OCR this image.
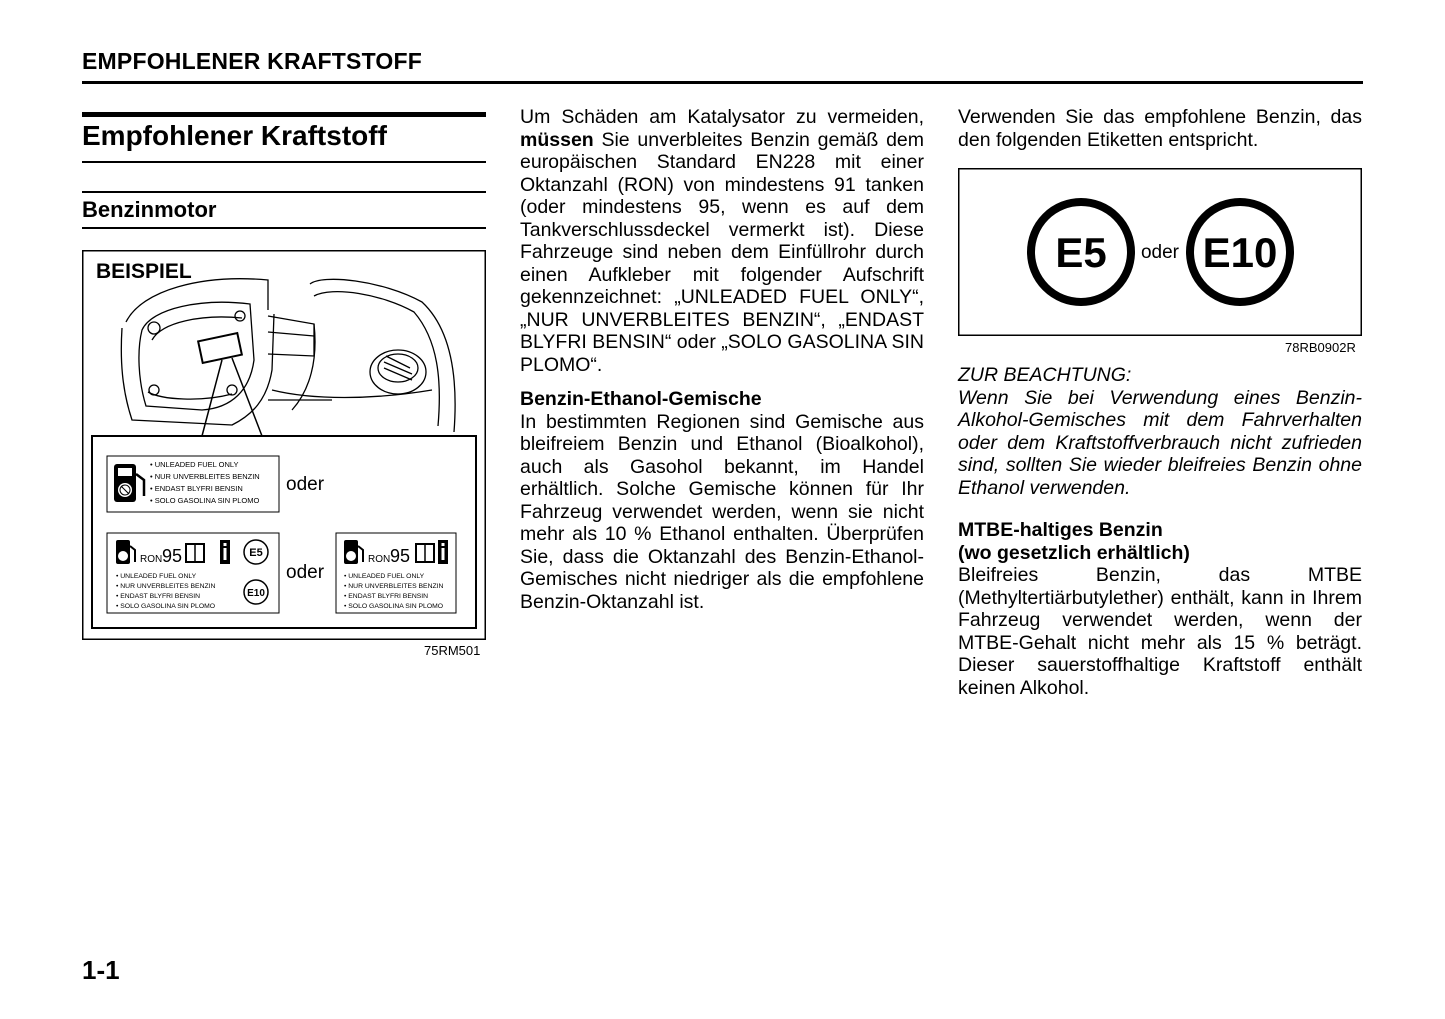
EMPFOHLENER KRAFTSTOFF
Empfohlener Kraftstoff
Benzinmotor
BEISPIEL
• UNLEADED FUEL ONLY
• NUR UNVERBLEITES BENZIN
• ENDAST BLYFRI BENSIN
• SOLO GASOLINA SIN PLOMO
oder
RON 95
• UNLEADED FUEL ONLY
• NUR UNVERBLEITES BENZIN
• ENDAST BLYFRI BENSIN
• SOLO GASOLINA SIN PLOMO
E5
E10
oder
RON 95
• UNLEADED FUEL ONLY
• NUR UNVERBLEITES BENZIN
• ENDAST BLYFRI BENSIN
• SOLO GASOLINA SIN PLOMO
75RM501

Um Schäden am Katalysator zu vermeiden, müssen Sie unverbleites Benzin gemäß dem europäischen Standard EN228 mit einer Oktanzahl (RON) von mindestens 91 tanken (oder mindestens 95, wenn es auf dem Tankverschlussdeckel vermerkt ist). Diese Fahrzeuge sind neben dem Einfüllrohr durch einen Aufkleber mit folgender Aufschrift gekennzeichnet: „UNLEADED FUEL ONLY“, „NUR UNVERBLEITES BENZIN“, „ENDAST BLYFRI BENSIN“ oder „SOLO GASOLINA SIN PLOMO“.

Benzin-Ethanol-Gemische

In bestimmten Regionen sind Gemische aus bleifreiem Benzin und Ethanol (Bioalkohol), auch als Gasohol bekannt, im Handel erhältlich. Solche Gemische können für Ihr Fahrzeug verwendet werden, wenn sie nicht mehr als 10 % Ethanol enthalten. Überprüfen Sie, dass die Oktanzahl des Benzin-Ethanol-Gemisches nicht niedriger als die empfohlene Benzin-Oktanzahl ist.

Verwenden Sie das empfohlene Benzin, das den folgenden Etiketten entspricht.

E5 oder E10
78RB0902R

ZUR BEACHTUNG:

Wenn Sie bei Verwendung eines Benzin-Alkohol-Gemisches mit dem Fahrverhalten oder dem Kraftstoffverbrauch nicht zufrieden sind, sollten Sie wieder bleifreies Benzin ohne Ethanol verwenden.

MTBE-haltiges Benzin
(wo gesetzlich erhältlich)

Bleifreies Benzin, das MTBE (Methyltertiärbutylether) enthält, kann in Ihrem Fahrzeug verwendet werden, wenn der MTBE-Gehalt nicht mehr als 15 % beträgt. Dieser sauerstoffhaltige Kraftstoff enthält keinen Alkohol.

1-1
